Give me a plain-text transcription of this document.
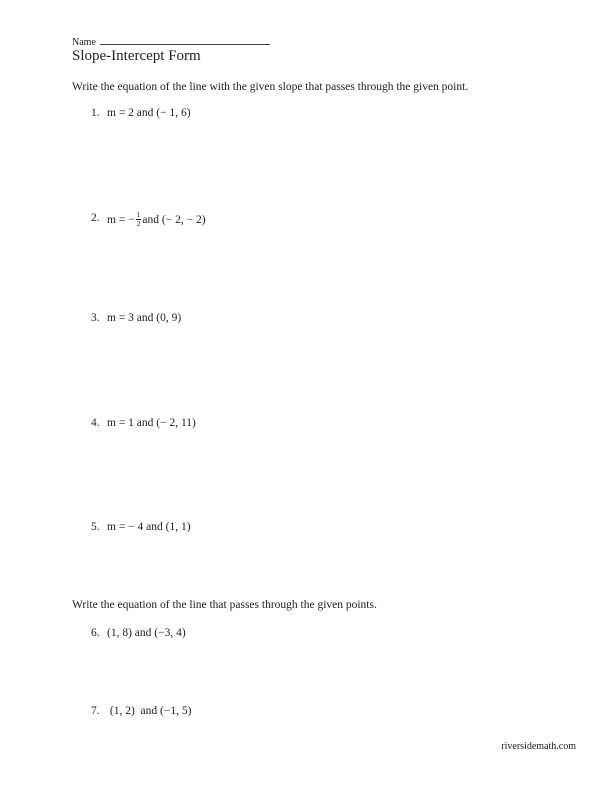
Name
Slope-Intercept Form
Write the equation of the line with the given slope that passes through the given point.
1. m = 2 and (− 1, 6)
2. m = − $\frac{1}{2}$ and (− 2, − 2)
3. m = 3 and (0, 9)
4. m = 1 and (− 2, 11)
5. m = − 4 and (1, 1)
Write the equation of the line that passes through the given points.
6. (1, 8) and (−3, 4)
7. (1, 2)  and (−1, 5)
riversidemath.com
